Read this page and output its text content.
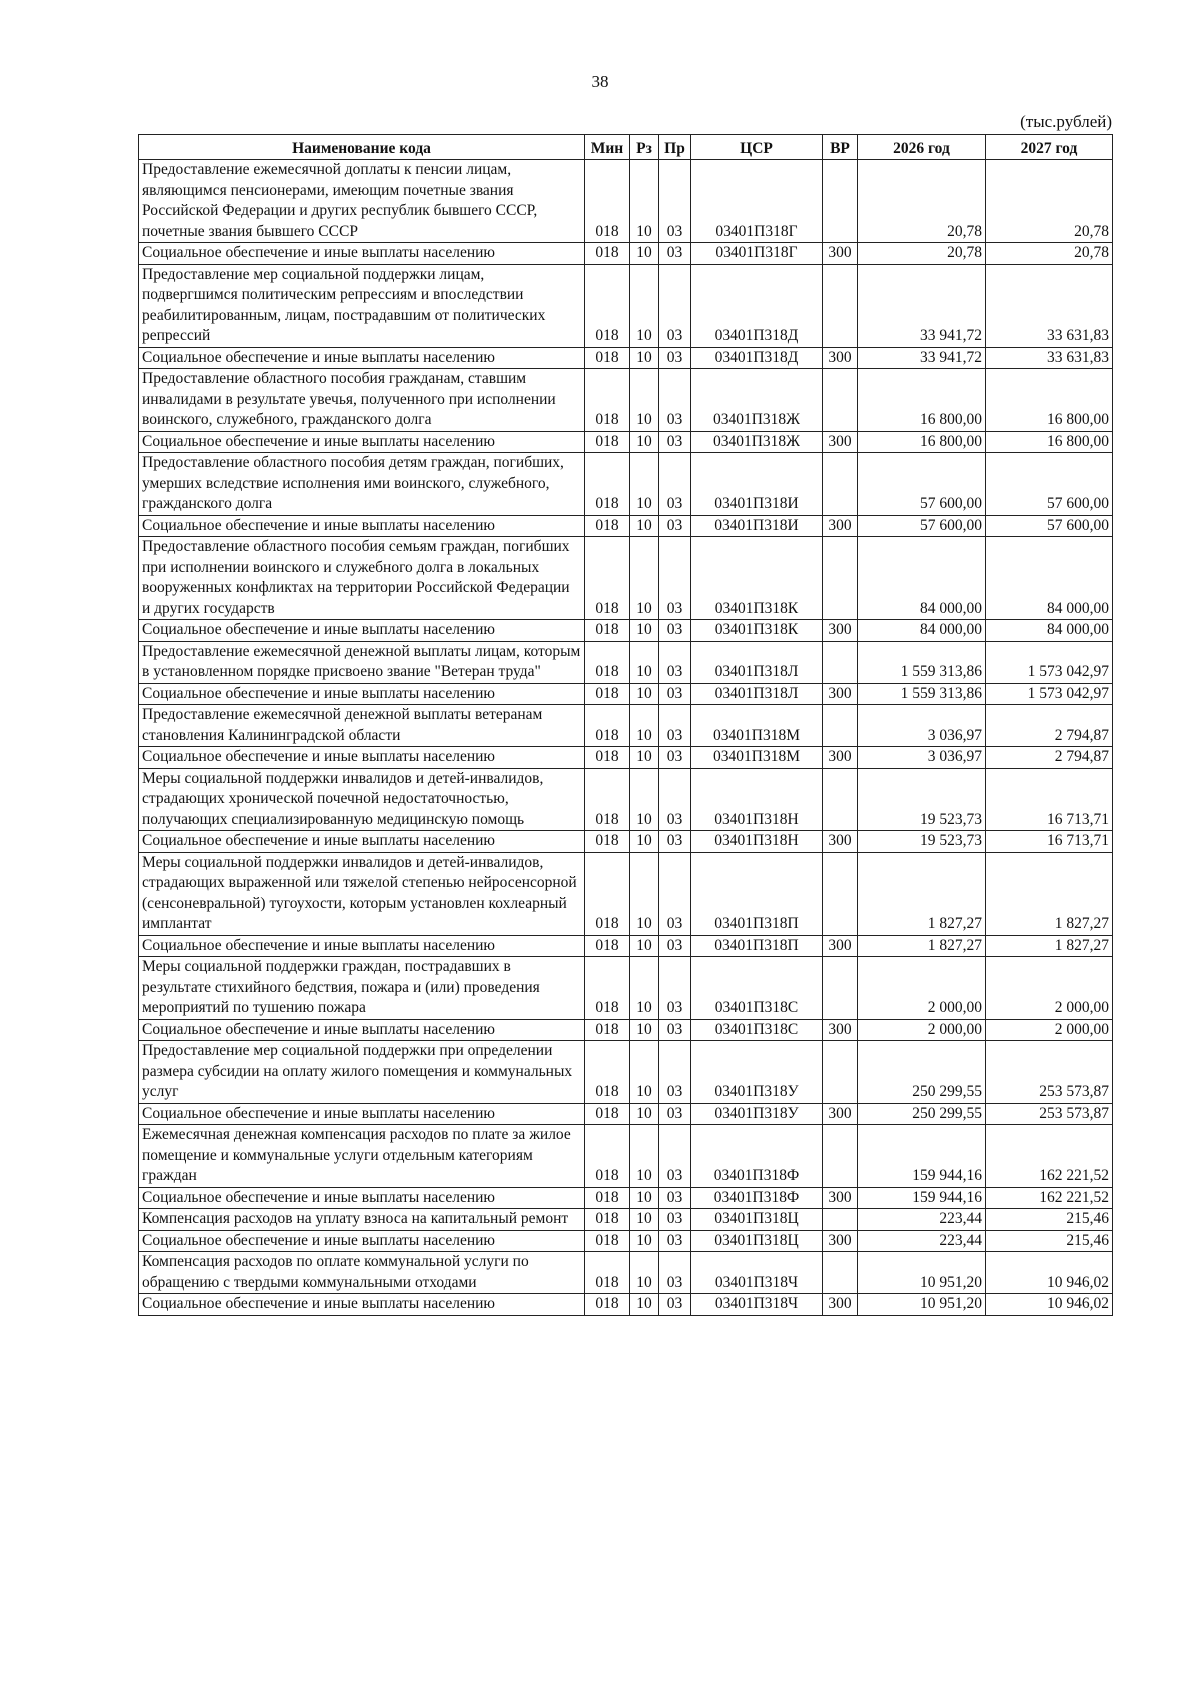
38
(тыс.рублей)
Наименование кода	Мин	Рз	Пр	ЦСР	ВР	2026 год	2027 год
Предоставление ежемесячной доплаты к пенсии лицам, являющимся пенсионерами, имеющим почетные звания Российской Федерации и других республик бывшего СССР, почетные звания бывшего СССР	018	10	03	03401П318Г		20,78	20,78
Социальное обеспечение и иные выплаты населению	018	10	03	03401П318Г	300	20,78	20,78
Предоставление мер социальной поддержки лицам, подвергшимся политическим репрессиям и впоследствии реабилитированным, лицам, пострадавшим от политических репрессий	018	10	03	03401П318Д		33 941,72	33 631,83
Социальное обеспечение и иные выплаты населению	018	10	03	03401П318Д	300	33 941,72	33 631,83
Предоставление областного пособия гражданам, ставшим инвалидами в результате увечья, полученного при исполнении воинского, служебного, гражданского долга	018	10	03	03401П318Ж		16 800,00	16 800,00
Социальное обеспечение и иные выплаты населению	018	10	03	03401П318Ж	300	16 800,00	16 800,00
Предоставление областного пособия детям граждан, погибших, умерших вследствие исполнения ими воинского, служебного, гражданского долга	018	10	03	03401П318И		57 600,00	57 600,00
Социальное обеспечение и иные выплаты населению	018	10	03	03401П318И	300	57 600,00	57 600,00
Предоставление областного пособия семьям граждан, погибших при исполнении воинского и служебного долга в локальных вооруженных конфликтах на территории Российской Федерации и других государств	018	10	03	03401П318К		84 000,00	84 000,00
Социальное обеспечение и иные выплаты населению	018	10	03	03401П318К	300	84 000,00	84 000,00
Предоставление ежемесячной денежной выплаты лицам, которым в установленном порядке присвоено звание "Ветеран труда"	018	10	03	03401П318Л		1 559 313,86	1 573 042,97
Социальное обеспечение и иные выплаты населению	018	10	03	03401П318Л	300	1 559 313,86	1 573 042,97
Предоставление ежемесячной денежной выплаты ветеранам становления Калининградской области	018	10	03	03401П318М		3 036,97	2 794,87
Социальное обеспечение и иные выплаты населению	018	10	03	03401П318М	300	3 036,97	2 794,87
Меры социальной поддержки инвалидов и детей-инвалидов, страдающих хронической почечной недостаточностью, получающих специализированную медицинскую помощь	018	10	03	03401П318Н		19 523,73	16 713,71
Социальное обеспечение и иные выплаты населению	018	10	03	03401П318Н	300	19 523,73	16 713,71
Меры социальной поддержки инвалидов и детей-инвалидов, страдающих выраженной или тяжелой степенью нейросенсорной (сенсоневральной) тугоухости, которым установлен кохлеарный имплантат	018	10	03	03401П318П		1 827,27	1 827,27
Социальное обеспечение и иные выплаты населению	018	10	03	03401П318П	300	1 827,27	1 827,27
Меры социальной поддержки граждан, пострадавших в результате стихийного бедствия, пожара и (или) проведения мероприятий по тушению пожара	018	10	03	03401П318С		2 000,00	2 000,00
Социальное обеспечение и иные выплаты населению	018	10	03	03401П318С	300	2 000,00	2 000,00
Предоставление мер социальной поддержки при определении размера субсидии на оплату жилого помещения и коммунальных услуг	018	10	03	03401П318У		250 299,55	253 573,87
Социальное обеспечение и иные выплаты населению	018	10	03	03401П318У	300	250 299,55	253 573,87
Ежемесячная денежная компенсация расходов по плате за жилое помещение и коммунальные услуги отдельным категориям граждан	018	10	03	03401П318Ф		159 944,16	162 221,52
Социальное обеспечение и иные выплаты населению	018	10	03	03401П318Ф	300	159 944,16	162 221,52
Компенсация расходов на уплату взноса на капитальный ремонт	018	10	03	03401П318Ц		223,44	215,46
Социальное обеспечение и иные выплаты населению	018	10	03	03401П318Ц	300	223,44	215,46
Компенсация расходов по оплате коммунальной услуги по обращению с твердыми коммунальными отходами	018	10	03	03401П318Ч		10 951,20	10 946,02
Социальное обеспечение и иные выплаты населению	018	10	03	03401П318Ч	300	10 951,20	10 946,02
